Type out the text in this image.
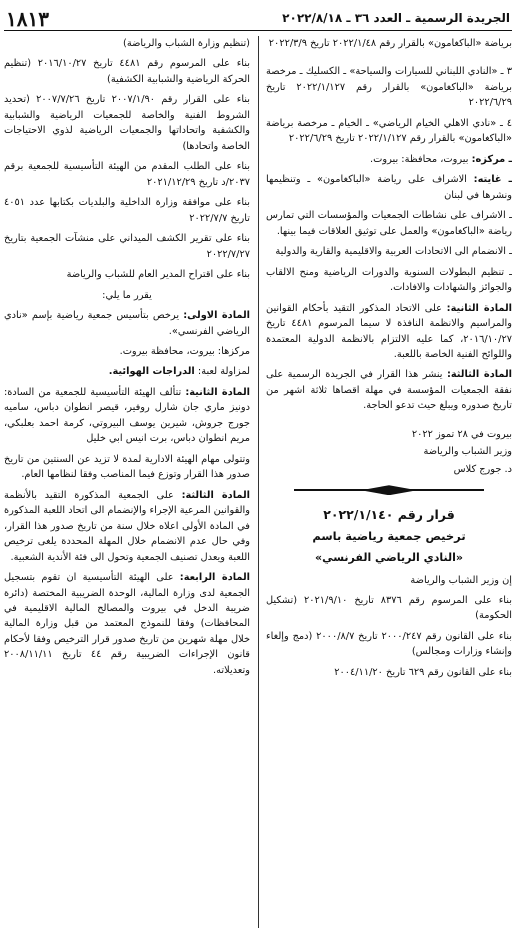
الجريدة الرسمية ـ العدد ٣٦ ـ ٢٠٢٢/٨/١٨
١٨١٣

برياضة «الباكغامون» بالقرار رقم ٢٠٢٢/١/٤٨ تاريخ ٢٠٢٢/٣/٩

٣ ـ «النادي اللبناني للسيارات والسياحة» ـ الكسليك ـ مرخصة برياضة «الباكغامون» بالقرار رقم ٢٠٢٢/١/١٢٧ تاريخ ٢٠٢٢/٦/٢٩

٤ ـ «نادي الاهلي الخيام الرياضي» ـ الخيام ـ مرخصة برياضة «الباكغامون» بالقرار رقم ٢٠٢٢/١/١٢٧ تاريخ ٢٠٢٢/٦/٢٩

ـ مركزه: بيروت، محافظة: بيروت.

ـ غايته: الاشراف على رياضة «الباكغامون» ـ وتنظيمها ونشرها في لبنان

ـ الاشراف على نشاطات الجمعيات والمؤسسات التي تمارس رياضة «الباكغامون» والعمل على توثيق العلاقات فيما بينها.

ـ الانضمام الى الاتحادات العربية والاقليمية والقارية والدولية

ـ تنظيم البطولات السنوية والدورات الرياضية ومنح الالقاب والجوائز والشهادات والافادات.

المادة الثانية: على الاتحاد المذكور التقيد بأحكام القوانين والمراسيم والانظمة النافذة لا سيما المرسوم ٤٤٨١ تاريخ ٢٠١٦/١٠/٢٧، كما عليه الالتزام بالانظمة الدولية المعتمدة واللوائح الفنية الخاصة باللعبة.

المادة الثالثة: ينشر هذا القرار في الجريدة الرسمية على نفقة الجمعيات المؤسسة في مهلة اقصاها ثلاثة اشهر من تاريخ صدوره ويبلغ حيث تدعو الحاجة.

بيروت في ٢٨ تموز ٢٠٢٢

وزير الشباب والرياضة

د. جورج كلاس

قرار رقم ٢٠٢٢/١/١٤٠

ترخيص جمعية رياضية باسم

«النادي الرياضي الفرنسي»

إن وزير الشباب والرياضة

بناء على المرسوم رقم ٨٣٧٦ تاريخ ٢٠٢١/٩/١٠ (تشكيل الحكومة)

بناء على القانون رقم ٢٠٠٠/٢٤٧ تاريخ ٢٠٠٠/٨/٧ (دمج وإلغاء وإنشاء وزارات ومجالس)

بناء على القانون رقم ٦٢٩ تاريخ ٢٠٠٤/١١/٢٠

(تنظيم وزارة الشباب والرياضة)

بناء على المرسوم رقم ٤٤٨١ تاريخ ٢٠١٦/١٠/٢٧ (تنظيم الحركة الرياضية والشبابية الكشفية)

بناء على القرار رقم ٢٠٠٧/١/٩٠ تاريخ ٢٠٠٧/٧/٢٦ (تحديد الشروط الفنية والخاصة للجمعيات الرياضية والشبابية والكشفية واتحاداتها والجمعيات الرياضية لذوي الاحتياجات الخاصة واتحادها)

بناء على الطلب المقدم من الهيئة التأسيسية للجمعية برقم ٢٠٣٧/د تاريخ ٢٠٢١/١٢/٢٩

بناء على موافقة وزارة الداخلية والبلديات بكتابها عدد ٤٠٥١ تاريخ ٢٠٢٢/٧/٧

بناء على تقرير الكشف الميداني على منشآت الجمعية بتاريخ ٢٠٢٢/٧/٢٧

بناء على اقتراح المدير العام للشباب والرياضة

يقرر ما يلي:

المادة الاولى: يرخص بتأسيس جمعية رياضية بإسم «نادي الرياضي الفرنسي».

مركزها: بيروت، محافظة بيروت.

لمزاولة لعبة: الدراجات الهوائية.

المادة الثانية: تتألف الهيئة التأسيسية للجمعية من السادة: دونيز ماري جان شارل روفير، قيصر انطوان دباس، ساميه جورج جروش، شيرين يوسف البيروتي، كرمة احمد بعلبكي، مريم انطوان دباس، برت انيس ابي خليل

وتتولى مهام الهيئة الادارية لمدة لا تزيد عن السنتين من تاريخ صدور هذا القرار وتوزع فيما المناصب وفقا لنظامها العام.

المادة الثالثة: على الجمعية المذكورة التقيد بالأنظمة والقوانين المرعية الإجراء والإنضمام الى اتحاد اللعبة المذكورة في المادة الأولى اعلاه خلال سنة من تاريخ صدور هذا القرار، وفي حال عدم الانضمام خلال المهلة المحددة يلغى ترخيص اللعبة ويعدل تصنيف الجمعية وتحول الى فئة الأندية الشعبية.

المادة الرابعة: على الهيئة التأسيسية ان تقوم بتسجيل الجمعية لدى وزارة المالية، الوحدة الضريبية المختصة (دائرة ضريبة الدخل في بيروت والمصالح المالية الاقليمية في المحافظات) وفقا للنموذج المعتمد من قبل وزارة المالية خلال مهلة شهرين من تاريخ صدور قرار الترخيص وفقا لأحكام قانون الإجراءات الضريبية رقم ٤٤ تاريخ ٢٠٠٨/١١/١١ وتعديلاته.
